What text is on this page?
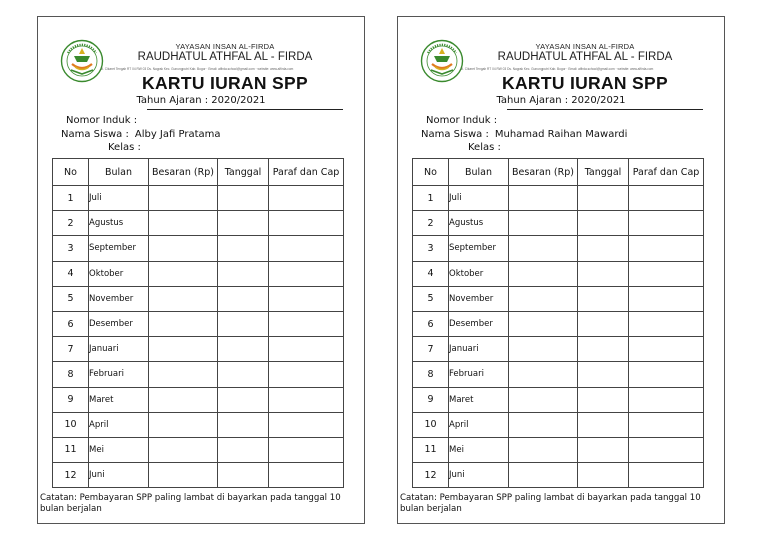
YAYASAN INSAN AL-FIRDA
RAUDHATUL ATHFAL AL - FIRDA
Jl. Cikaret Tengah RT 04 RW 03 Ds. Nagrak Kec. Gunungputri Kab. Bogor · Email: alfirda.school@gmail.com · website: www.alfirda.com
KARTU IURAN SPP
Tahun Ajaran : 2020/2021
Nomor Induk :
Nama Siswa : Alby Jafi Pratama
Kelas :
No	Bulan	Besaran (Rp)	Tanggal	Paraf dan Cap
1	Juli			
2	Agustus			
3	September			
4	Oktober			
5	November			
6	Desember			
7	Januari			
8	Februari			
9	Maret			
10	April			
11	Mei			
12	Juni			
Catatan: Pembayaran SPP paling lambat di bayarkan pada tanggal 10 bulan berjalan
YAYASAN INSAN AL-FIRDA
RAUDHATUL ATHFAL AL - FIRDA
Jl. Cikaret Tengah RT 04 RW 03 Ds. Nagrak Kec. Gunungputri Kab. Bogor · Email: alfirda.school@gmail.com · website: www.alfirda.com
KARTU IURAN SPP
Tahun Ajaran : 2020/2021
Nomor Induk :
Nama Siswa : Muhamad Raihan Mawardi
Kelas :
No	Bulan	Besaran (Rp)	Tanggal	Paraf dan Cap
1	Juli			
2	Agustus			
3	September			
4	Oktober			
5	November			
6	Desember			
7	Januari			
8	Februari			
9	Maret			
10	April			
11	Mei			
12	Juni			
Catatan: Pembayaran SPP paling lambat di bayarkan pada tanggal 10 bulan berjalan
